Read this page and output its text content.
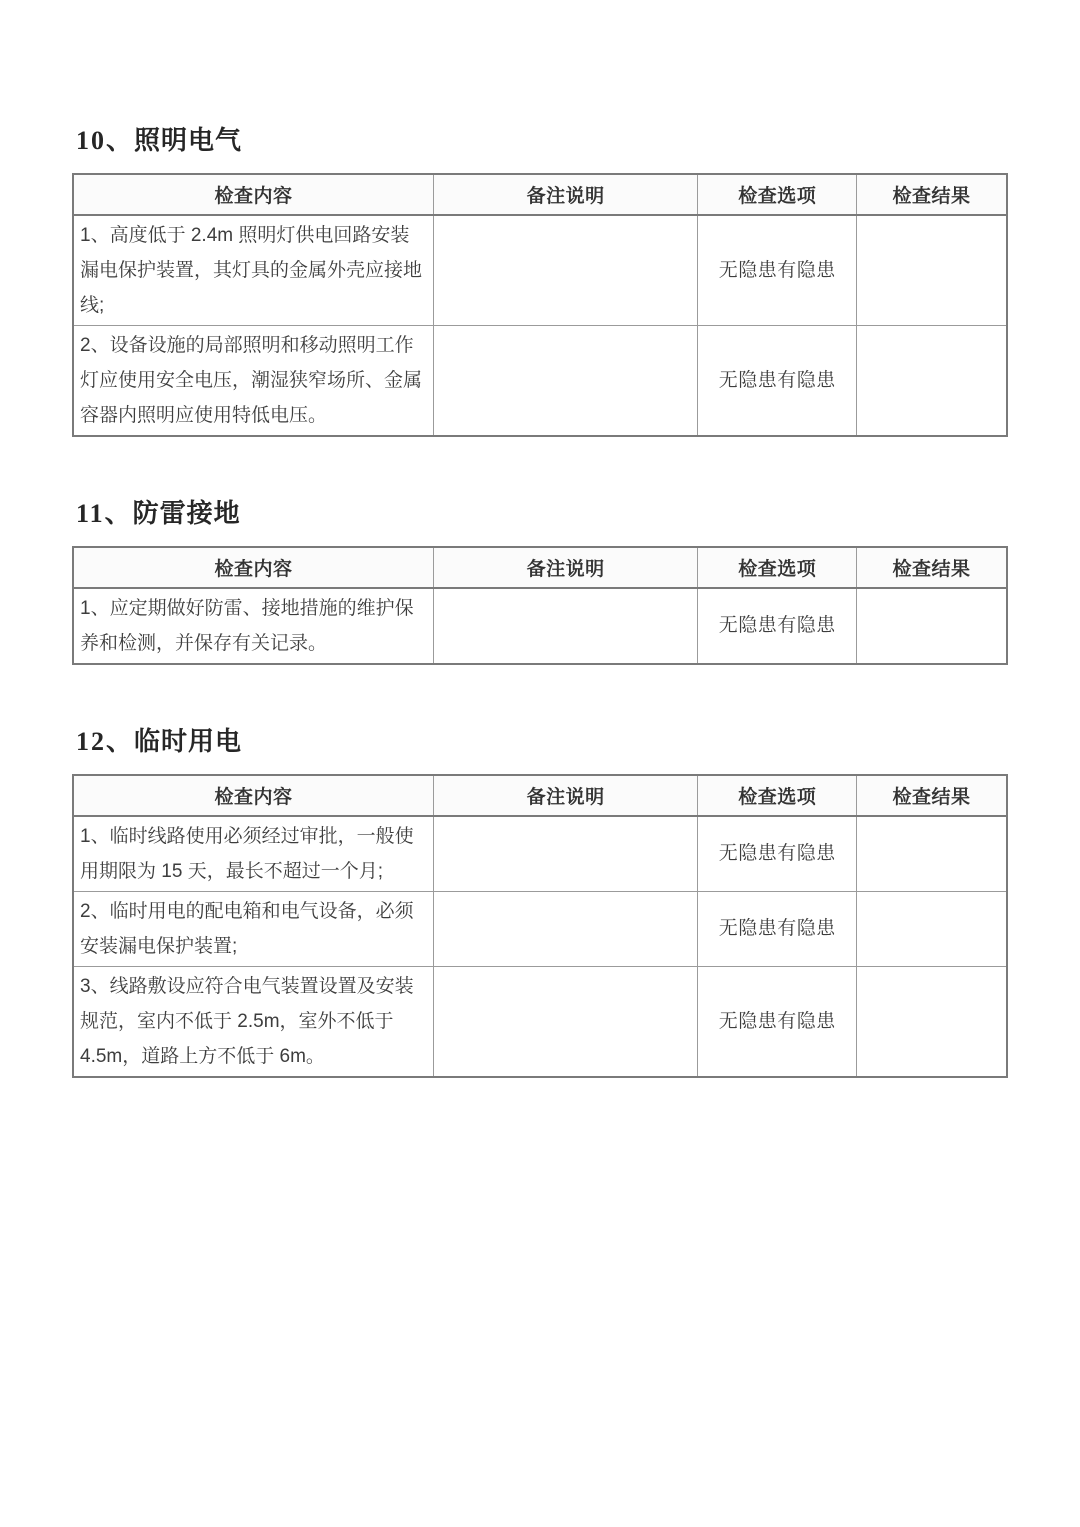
10、照明电气
检查内容	备注说明	检查选项	检查结果
1、高度低于 2.4m 照明灯供电回路安装漏电保护装置，其灯具的金属外壳应接地线;		无隐患有隐患	
2、设备设施的局部照明和移动照明工作灯应使用安全电压，潮湿狭窄场所、金属容器内照明应使用特低电压。		无隐患有隐患	
11、防雷接地
检查内容	备注说明	检查选项	检查结果
1、应定期做好防雷、接地措施的维护保养和检测，并保存有关记录。		无隐患有隐患	
12、临时用电
检查内容	备注说明	检查选项	检查结果
1、临时线路使用必须经过审批，一般使用期限为 15 天，最长不超过一个月;		无隐患有隐患	
2、临时用电的配电箱和电气设备，必须安装漏电保护装置;		无隐患有隐患	
3、线路敷设应符合电气装置设置及安装规范，室内不低于 2.5m，室外不低于 4.5m，道路上方不低于 6m。		无隐患有隐患	
